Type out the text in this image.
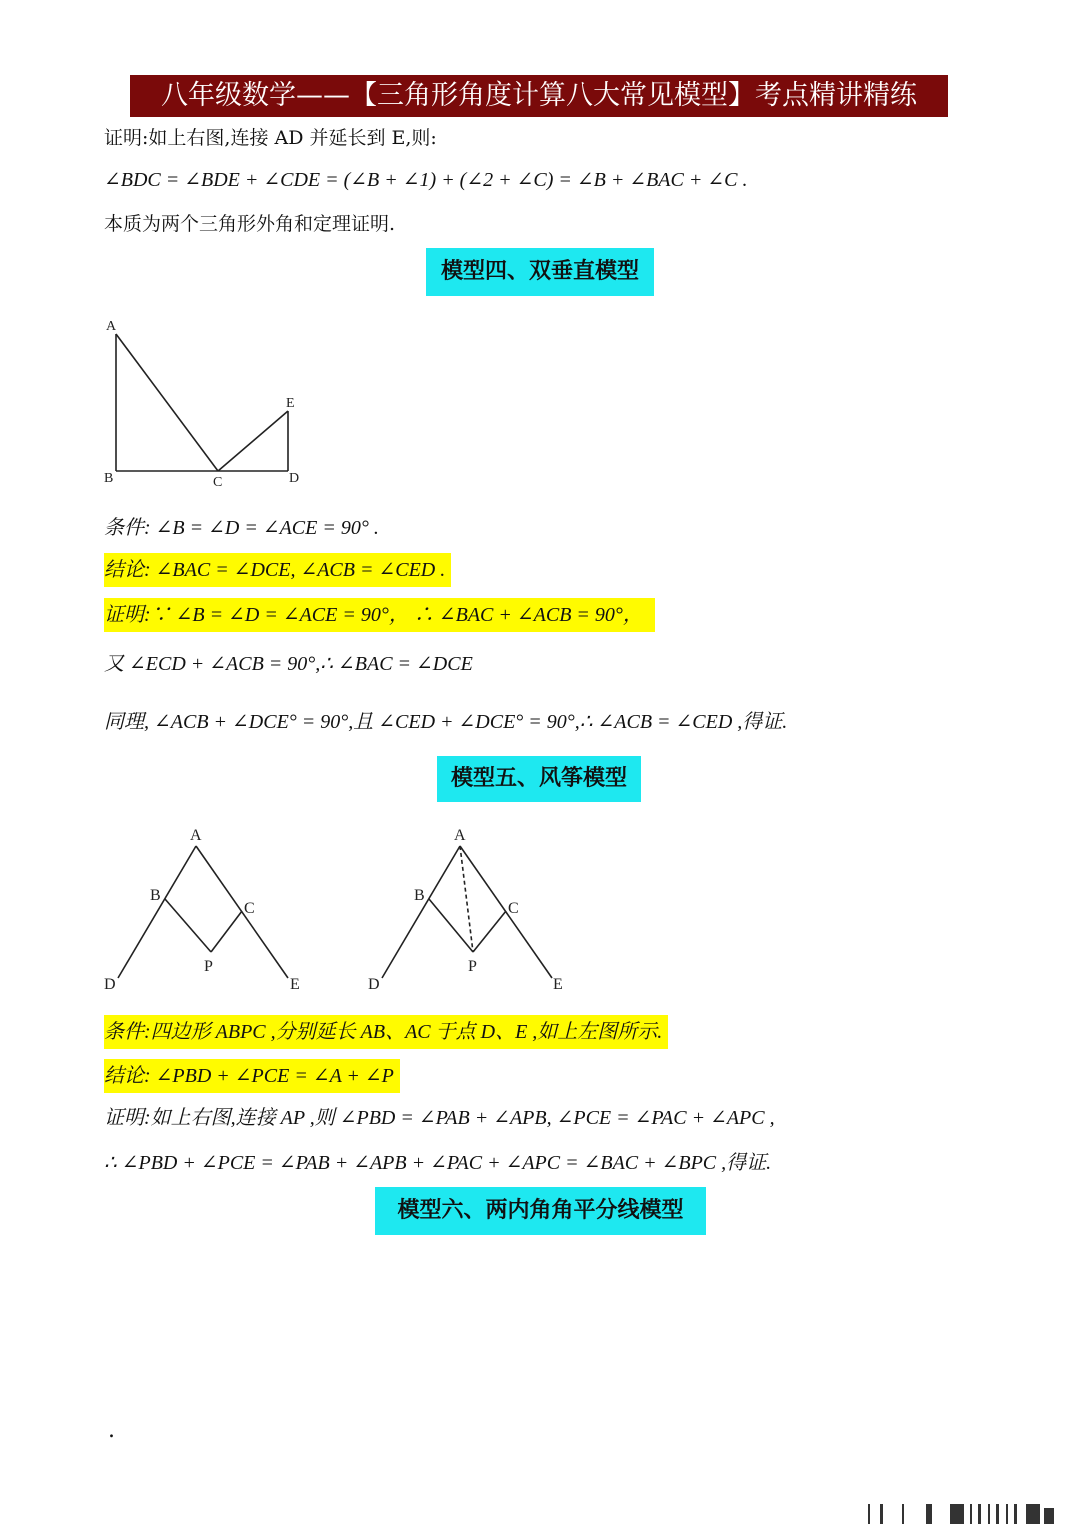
八年级数学——【三角形角度计算八大常见模型】考点精讲精练
证明:如上右图,连接 AD 并延长到 E,则:
∠BDC = ∠BDE + ∠CDE = (∠B + ∠1) + (∠2 + ∠C) = ∠B + ∠BAC + ∠C .
本质为两个三角形外角和定理证明.
模型四、双垂直模型
A
B	C	D
E
条件: ∠B = ∠D = ∠ACE = 90° .
结论: ∠BAC = ∠DCE, ∠ACB = ∠CED .
证明:∵ ∠B = ∠D = ∠ACE = 90°， ∴ ∠BAC + ∠ACB = 90°，
又 ∠ECD + ∠ACB = 90°,∴ ∠BAC = ∠DCE
同理, ∠ACB + ∠DCE° = 90°,且 ∠CED + ∠DCE° = 90°,∴ ∠ACB = ∠CED ,得证.
模型五、风筝模型
A
B
C
P
D	E
A
B
C
P
D	E
条件:四边形 ABPC ,分别延长 AB、AC 于点 D、E ,如上左图所示.
结论: ∠PBD + ∠PCE = ∠A + ∠P
证明:如上右图,连接 AP ,则 ∠PBD = ∠PAB + ∠APB, ∠PCE = ∠PAC + ∠APC ,
∴ ∠PBD + ∠PCE = ∠PAB + ∠APB + ∠PAC + ∠APC = ∠BAC + ∠BPC ,得证.
模型六、两内角角平分线模型
.
